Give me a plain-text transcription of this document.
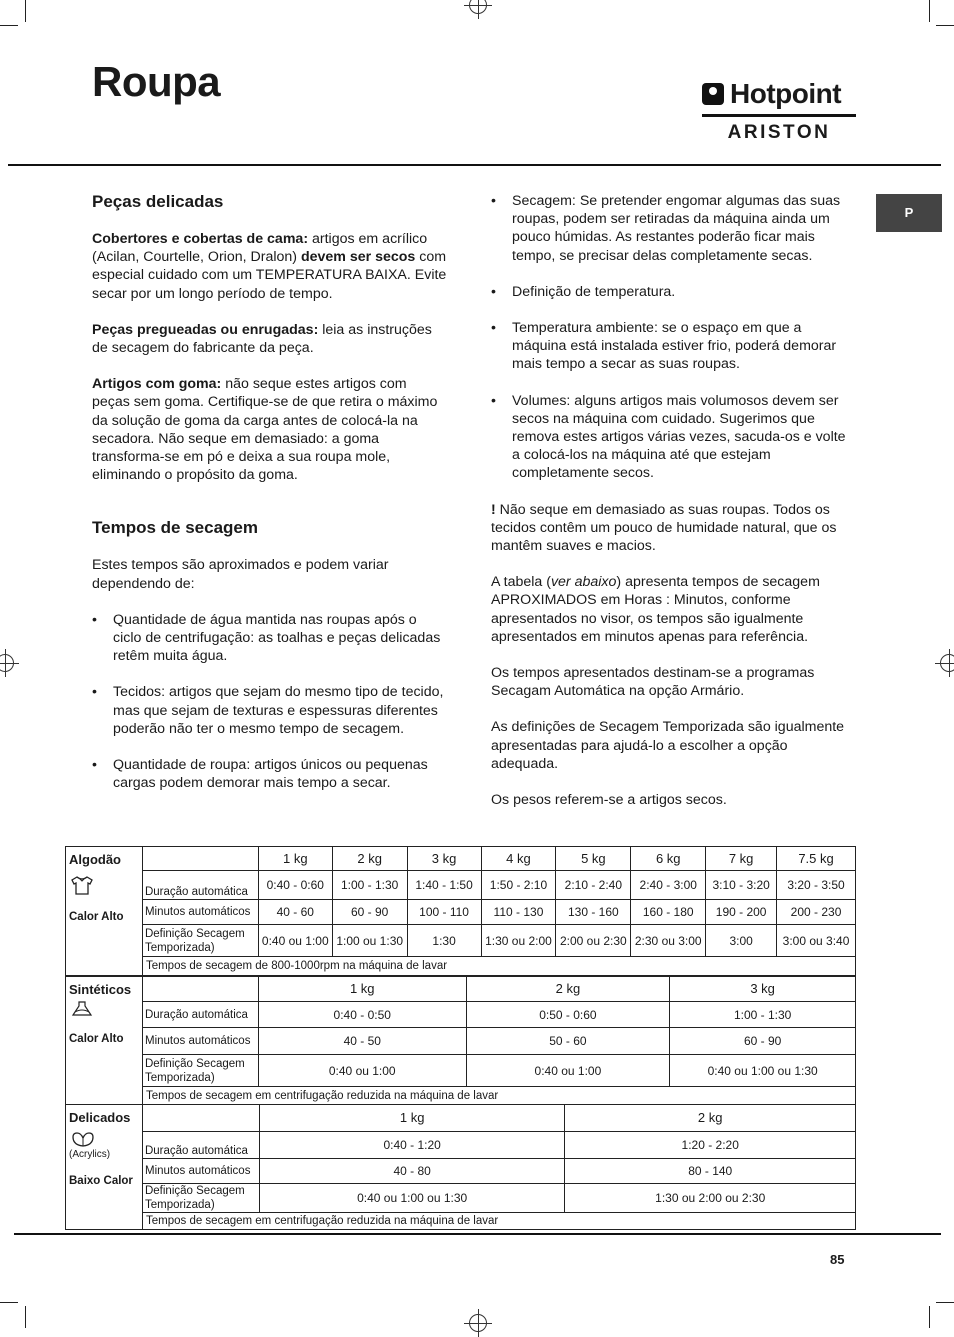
Roupa	Hotpoint
ARISTON
P
Peças delicadas
Cobertores e cobertas de cama: artigos em acrílico (Acilan, Courtelle, Orion, Dralon) devem ser secos com especial cuidado com um TEMPERATURA BAIXA. Evite secar por um longo período de tempo.
Peças pregueadas ou enrugadas: leia as instruções de secagem do fabricante da peça.
Artigos com goma: não seque estes artigos com peças sem goma. Certifique-se de que retira o máximo da solução de goma da carga antes de colocá-la na secadora. Não seque em demasiado: a goma transforma-se em pó e deixa a sua roupa mole, eliminando o propósito da goma.
Tempos de secagem
Estes tempos são aproximados e podem variar dependendo de:
• Quantidade de água mantida nas roupas após o ciclo de centrifugação: as toalhas e peças delicadas retêm muita água.
• Tecidos: artigos que sejam do mesmo tipo de tecido, mas que sejam de texturas e espessuras diferentes poderão não ter o mesmo tempo de secagem.
• Quantidade de roupa: artigos únicos ou pequenas cargas podem demorar mais tempo a secar.
• Secagem: Se pretender engomar algumas das suas roupas, podem ser retiradas da máquina ainda um pouco húmidas. As restantes poderão ficar mais tempo, se precisar delas completamente secas.
• Definição de temperatura.
• Temperatura ambiente: se o espaço em que a máquina está instalada estiver frio, poderá demorar mais tempo a secar as suas roupas.
• Volumes: alguns artigos mais volumosos devem ser secos na máquina com cuidado. Sugerimos que remova estes artigos várias vezes, sacuda-os e volte a colocá-los na máquina até que estejam completamente secos.
! Não seque em demasiado as suas roupas. Todos os tecidos contêm um pouco de humidade natural, que os mantêm suaves e macios.
A tabela (ver abaixo) apresenta tempos de secagem APROXIMADOS em Horas : Minutos, conforme apresentados no visor, os tempos são igualmente apresentados em minutos apenas para referência.
Os tempos apresentados destinam-se a programas Secagam Automática na opção Armário.
As definições de Secagem Temporizada são igualmente apresentadas para ajudá-lo a escolher a opção adequada.
Os pesos referem-se a artigos secos.
Algodão
Calor Alto		1 kg	2 kg	3 kg	4 kg	5 kg	6 kg	7 kg	7.5 kg
	Duração automática	0:40 - 0:60	1:00 - 1:30	1:40 - 1:50	1:50 - 2:10	2:10 - 2:40	2:40 - 3:00	3:10 - 3:20	3:20 - 3:50
	Minutos automáticos	40 - 60	60 - 90	100 - 110	110 - 130	130 - 160	160 - 180	190 - 200	200 - 230
	Definição Secagem Temporizada)	0:40 ou 1:00	1:00 ou 1:30	1:30	1:30 ou 2:00	2:00 ou 2:30	2:30 ou 3:00	3:00	3:00 ou 3:40
	Tempos de secagem de 800-1000rpm na máquina de lavar								
Sintéticos
Calor Alto		1 kg	2 kg	3 kg
	Duração automática	0:40 - 0:50	0:50 - 0:60	1:00 - 1:30
	Minutos automáticos	40 - 50	50 - 60	60 - 90
	Definição Secagem Temporizada)	0:40 ou 1:00	0:40 ou 1:00	0:40 ou 1:00 ou 1:30
	Tempos de secagem em centrifugação reduzida na máquina de lavar			
Delicados
(Acrylics)
Baixo Calor		1 kg	2 kg
	Duração automática	0:40 - 1:20	1:20 - 2:20
	Minutos automáticos	40 - 80	80 - 140
	Definição Secagem Temporizada)	0:40 ou 1:00 ou 1:30	1:30 ou 2:00 ou 2:30
	Tempos de secagem em centrifugação reduzida na máquina de lavar		
85
